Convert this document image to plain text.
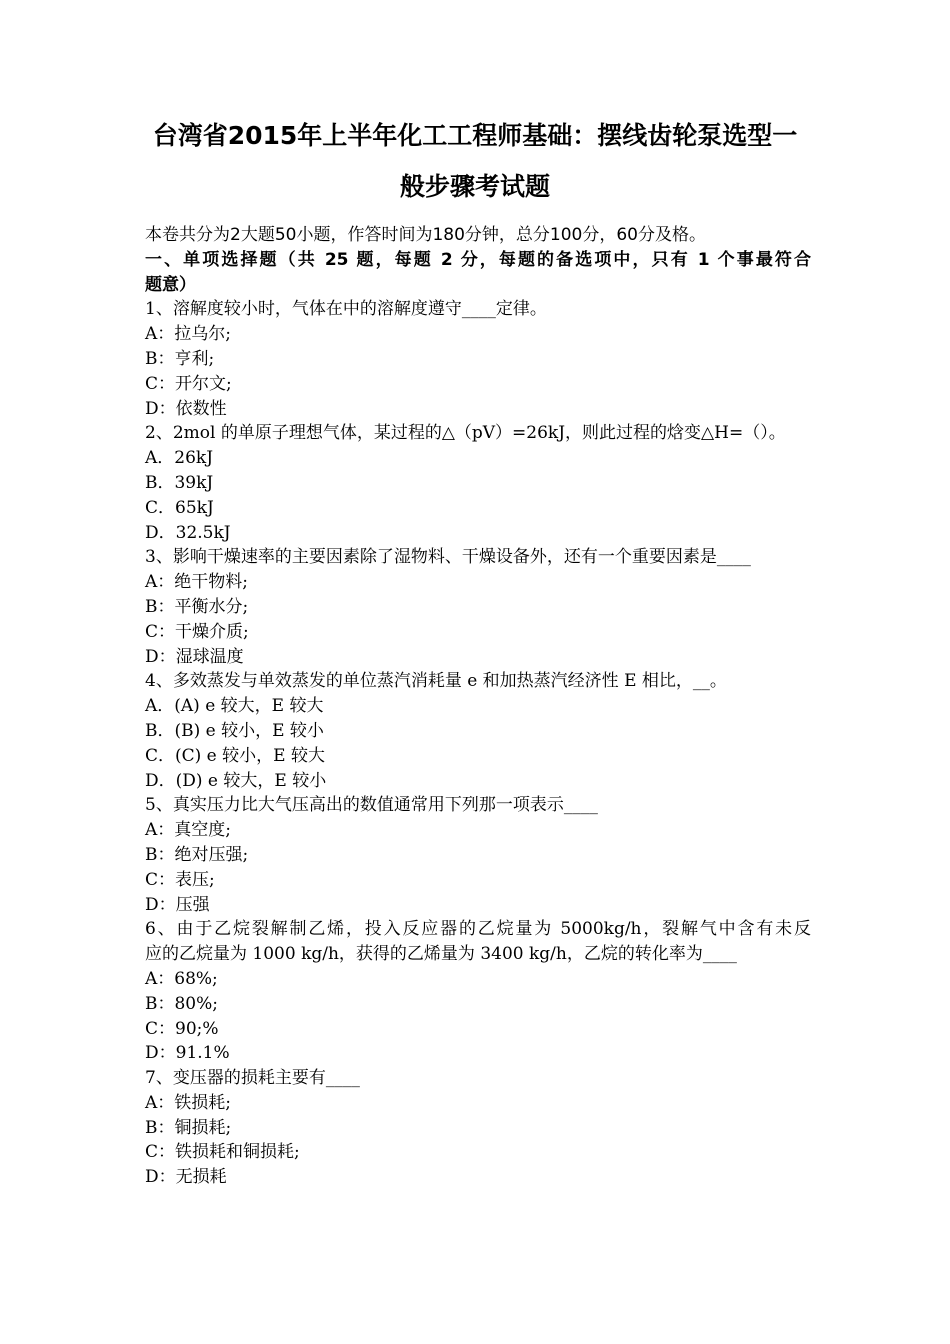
台湾省2015年上半年化工工程师基础：摆线齿轮泵选型一
般步骤考试题
本卷共分为2大题50小题，作答时间为180分钟，总分100分，60分及格。
一、单项选择题（共 25 题，每题 2 分，每题的备选项中，只有 1 个事最符合
题意）
1、溶解度较小时，气体在中的溶解度遵守____定律。
A：拉乌尔;
B：亨利;
C：开尔文;
D：依数性
2、2mol 的单原子理想气体，某过程的△（pV）=26kJ，则此过程的焓变△H=（）。
A．26kJ
B．39kJ
C．65kJ
D．32.5kJ
3、影响干燥速率的主要因素除了湿物料、干燥设备外，还有一个重要因素是____
A：绝干物料;
B：平衡水分;
C：干燥介质;
D：湿球温度
4、多效蒸发与单效蒸发的单位蒸汽消耗量 e 和加热蒸汽经济性 E 相比，__。
A．(A) e 较大，E 较大
B．(B) e 较小，E 较小
C．(C) e 较小，E 较大
D．(D) e 较大，E 较小
5、真实压力比大气压高出的数值通常用下列那一项表示____
A：真空度;
B：绝对压强;
C：表压;
D：压强
6、由于乙烷裂解制乙烯，投入反应器的乙烷量为 5000kg/h，裂解气中含有未反
应的乙烷量为 1000 kg/h，获得的乙烯量为 3400 kg/h，乙烷的转化率为____
A：68%;
B：80%;
C：90;%
D：91.1%
7、变压器的损耗主要有____
A：铁损耗;
B：铜损耗;
C：铁损耗和铜损耗;
D：无损耗
